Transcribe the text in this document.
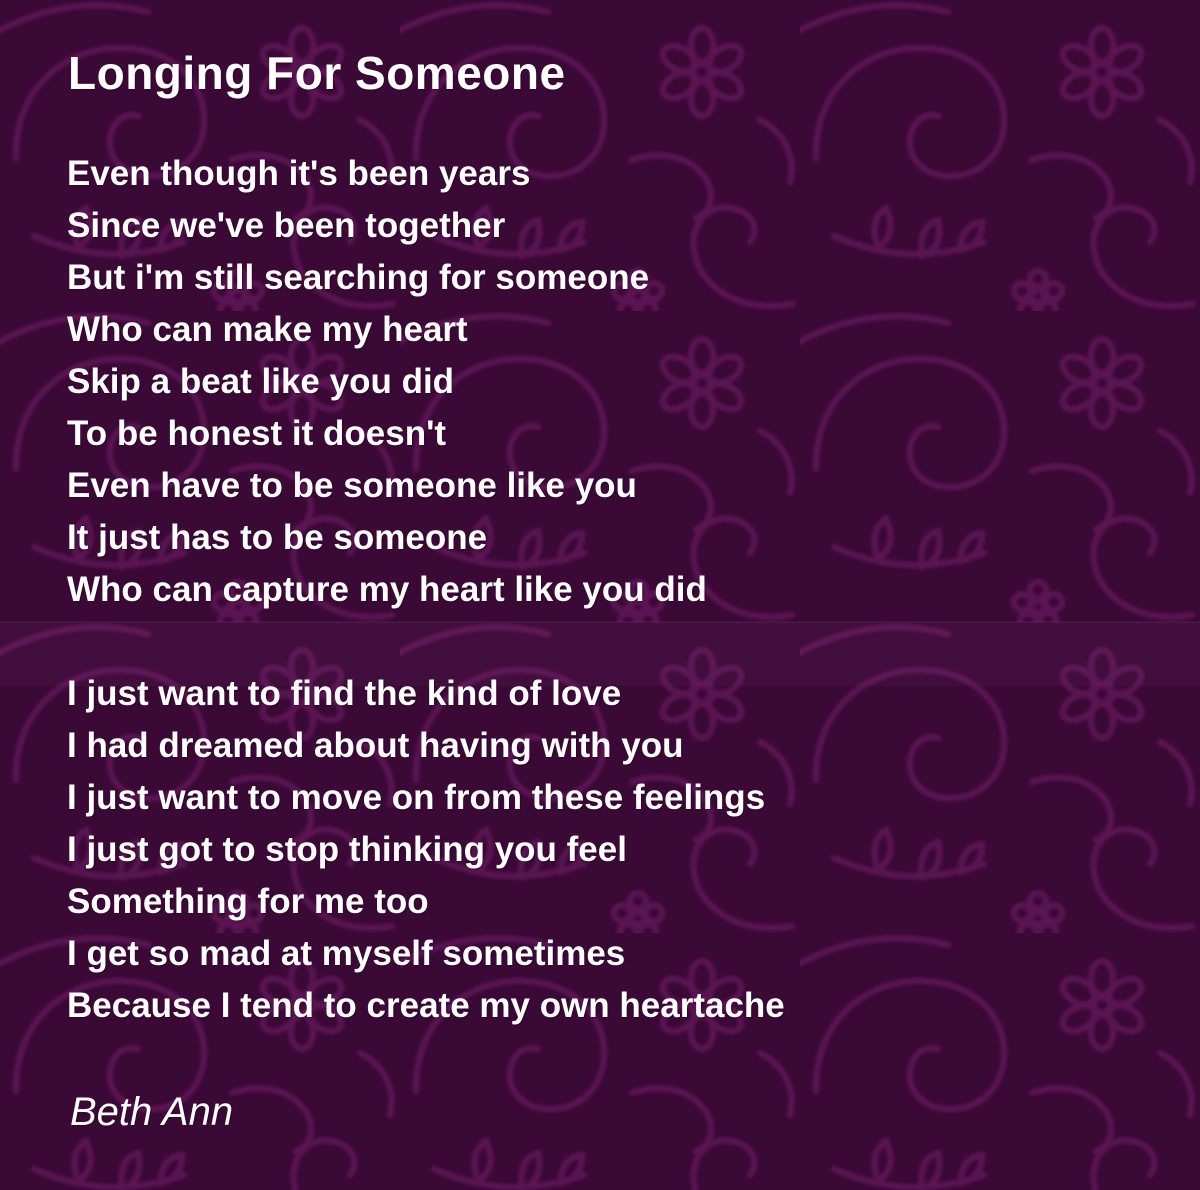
Longing For Someone
Even though it's been years
Since we've been together
But i'm still searching for someone
Who can make my heart
Skip a beat like you did
To be honest it doesn't
Even have to be someone like you
It just has to be someone
Who can capture my heart like you did
I just want to find the kind of love
I had dreamed about having with you
I just want to move on from these feelings
I just got to stop thinking you feel
Something for me too
I get so mad at myself sometimes
Because I tend to create my own heartache
Beth Ann
